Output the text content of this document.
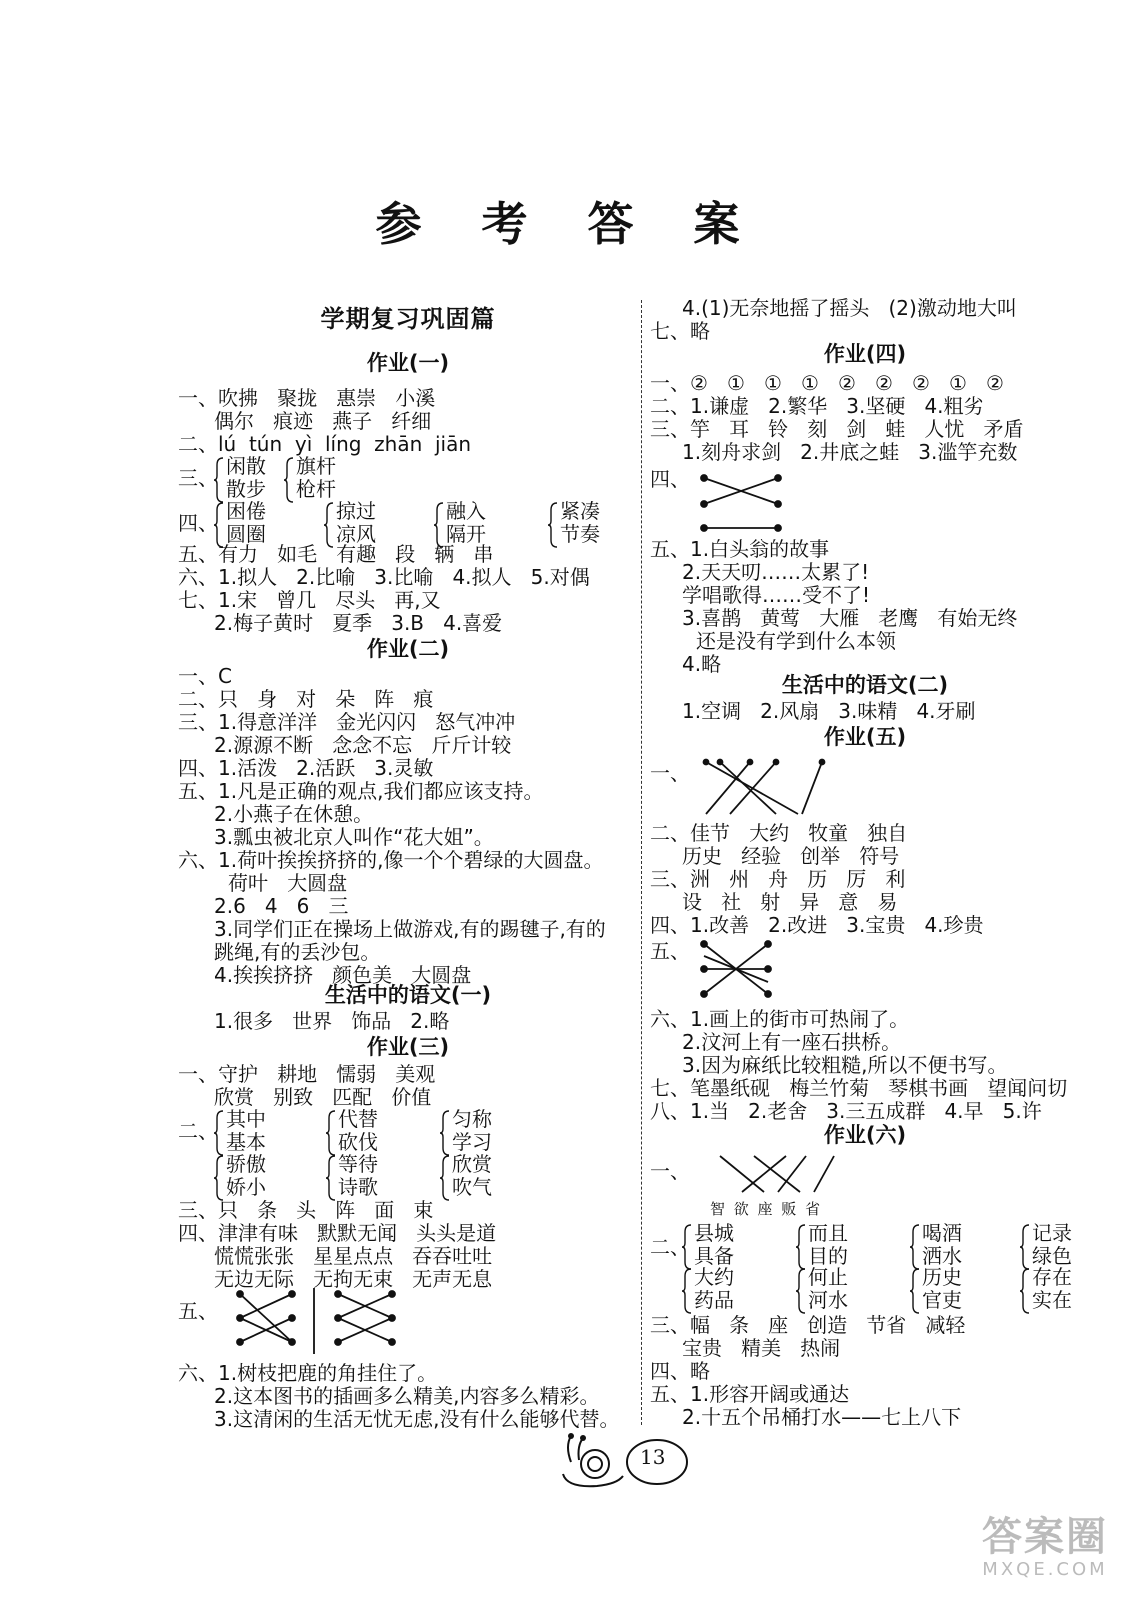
参 考 答 案
学期复习巩固篇
作业(一)
一、吹拂   聚拢   惠崇   小溪
偶尔   痕迹   燕子   纤细
二、lú  tún  yì  líng  zhān  jiān
三、 闲散
散步
旗杆
枪杆
四、 困倦
圆圈
掠过
凉风
融入
隔开
紧凑
节奏
五、有力   如毛   有趣   段   辆   串
六、1.拟人   2.比喻   3.比喻   4.拟人   5.对偶
七、1.宋   曾几   尽头   再,又
2.梅子黄时   夏季   3.B   4.喜爱
作业(二)
一、C
二、只   身   对   朵   阵   痕
三、1.得意洋洋   金光闪闪   怒气冲冲
2.源源不断   念念不忘   斤斤计较
四、1.活泼   2.活跃   3.灵敏
五、1.凡是正确的观点,我们都应该支持。
2.小燕子在休憩。
3.瓢虫被北京人叫作“花大姐”。
六、1.荷叶挨挨挤挤的,像一个个碧绿的大圆盘。
荷叶   大圆盘
2.6   4   6   三
3.同学们正在操场上做游戏,有的踢毽子,有的
跳绳,有的丢沙包。
4.挨挨挤挤   颜色美   大圆盘
生活中的语文(一)
1.很多   世界   饰品   2.略
作业(三)
一、守护   耕地   懦弱   美观
欣赏   别致   匹配   价值
二、 其中
基本
代替
砍伐
匀称
学习
骄傲
娇小
等待
诗歌
欣赏
吹气
三、只   条   头   阵   面   束
四、津津有味   默默无闻   头头是道
慌慌张张   星星点点   吞吞吐吐
无边无际   无拘无束   无声无息
五、
六、1.树枝把鹿的角挂住了。
2.这本图书的插画多么精美,内容多么精彩。
3.这清闲的生活无忧无虑,没有什么能够代替。
4.(1)无奈地摇了摇头   (2)激动地大叫
七、略
作业(四)
一、②   ①   ①   ①   ②   ②   ②   ①   ②
二、1.谦虚   2.繁华   3.坚硬   4.粗劣
三、竽   耳   铃   刻   剑   蛙   人忧   矛盾
1.刻舟求剑   2.井底之蛙   3.滥竽充数
四、
五、1.白头翁的故事
2.天天叨……太累了!
学唱歌得……受不了!
3.喜鹊   黄莺   大雁   老鹰   有始无终
还是没有学到什么本领
4.略
生活中的语文(二)
1.空调   2.风扇   3.味精   4.牙刷
作业(五)
一、
二、佳节   大约   牧童   独自
历史   经验   创举   符号
三、洲   州   舟   历   厉   利
设   社   射   异   意   易
四、1.改善   2.改进   3.宝贵   4.珍贵
五、
六、1.画上的街市可热闹了。
2.汶河上有一座石拱桥。
3.因为麻纸比较粗糙,所以不便书写。
七、笔墨纸砚   梅兰竹菊   琴棋书画   望闻问切
八、1.当   2.老舍   3.三五成群   4.早   5.许
作业(六)
一、
智 欲 座 贩 省
二、
县城
具备
而且
目的
喝酒
洒水
记录
绿色
大约
药品
何止
河水
历史
官吏
存在
实在
三、幅   条   座   创造   节省   减轻
宝贵   精美   热闹
四、略
五、1.形容开阔或通达
2.十五个吊桶打水——七上八下
13
答案圈
MXQE.COM
